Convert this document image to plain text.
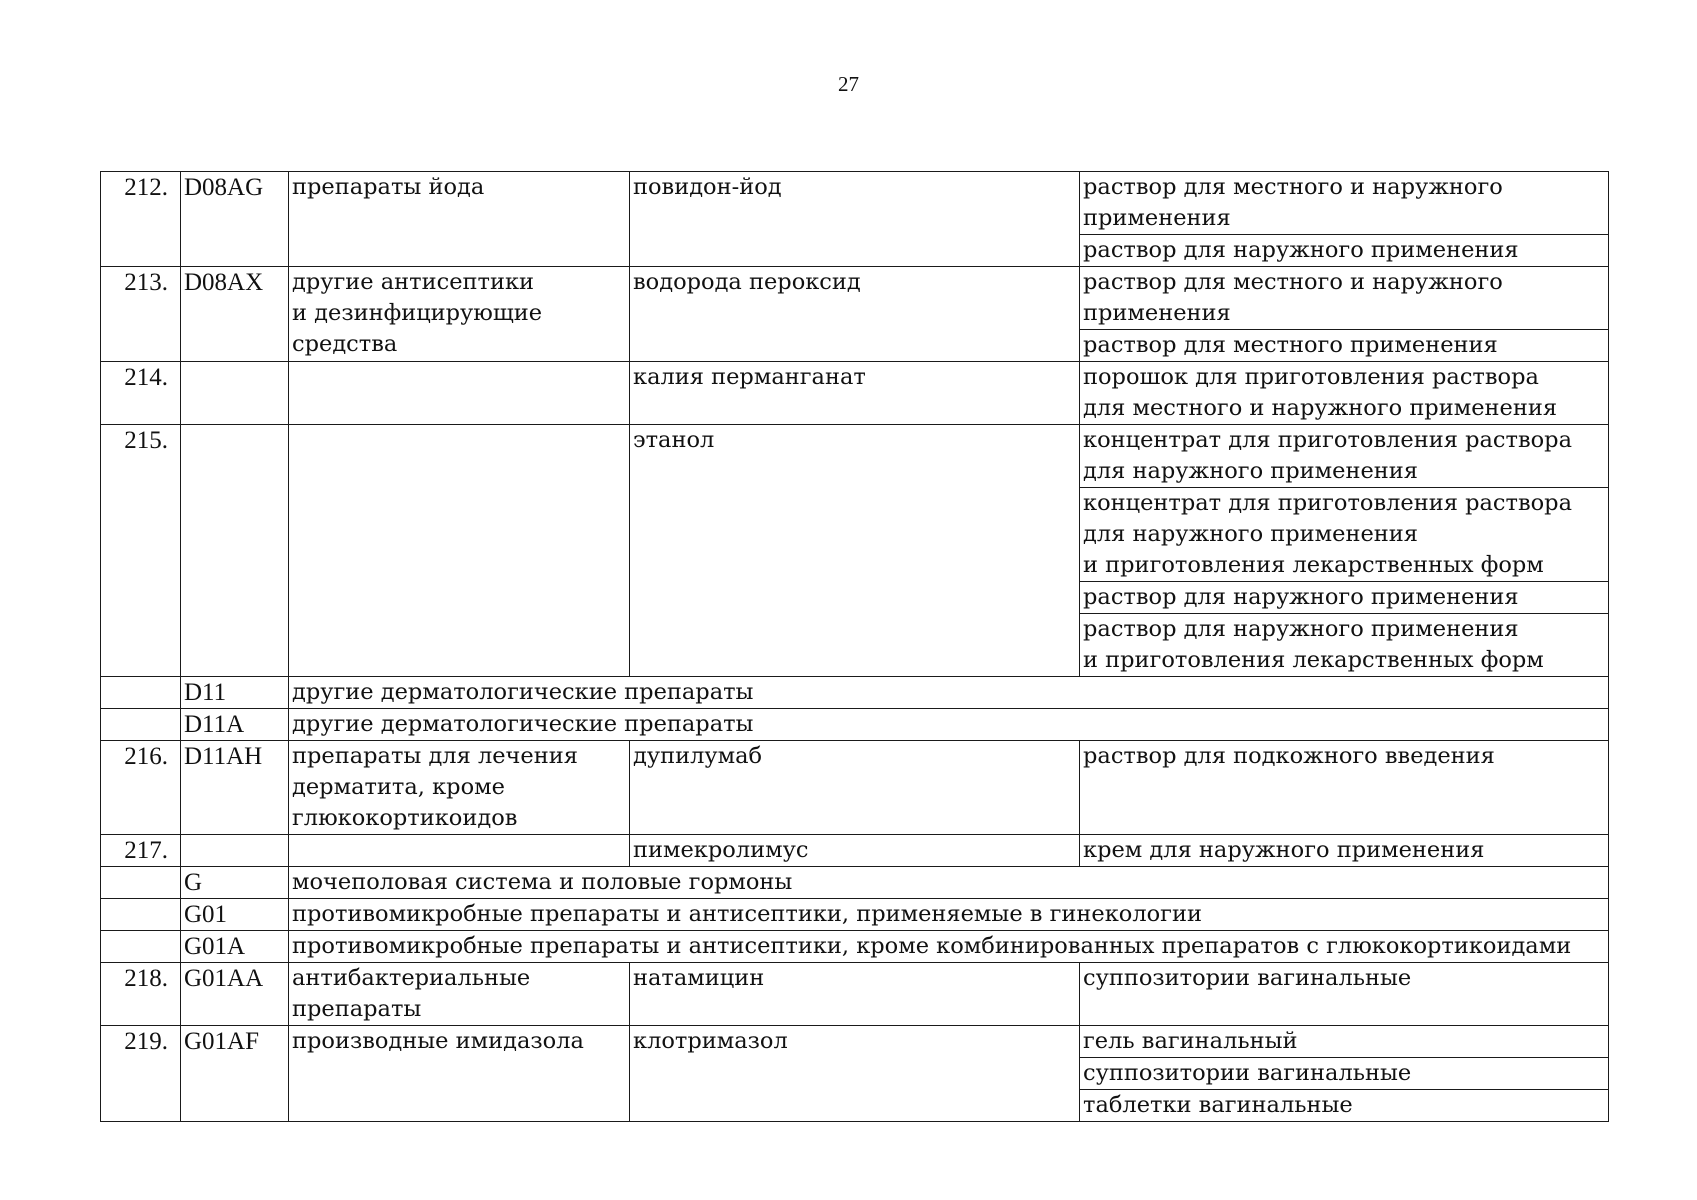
27
212.	D08AG	препараты йода	повидон-йод	раствор для местного и наружного
применения
				раствор для наружного применения
213.	D08AX	другие антисептики
и дезинфицирующие
средства	водорода пероксид	раствор для местного и наружного
применения
				раствор для местного применения
214.			калия перманганат	порошок для приготовления раствора
для местного и наружного применения
215.			этанол	концентрат для приготовления раствора
для наружного применения
				концентрат для приготовления раствора
для наружного применения
и приготовления лекарственных форм
				раствор для наружного применения
				раствор для наружного применения
и приготовления лекарственных форм
	D11	другие дерматологические препараты		
	D11A	другие дерматологические препараты		
216.	D11AH	препараты для лечения
дерматита, кроме
глюкокортикоидов	дупилумаб	раствор для подкожного введения
217.			пимекролимус	крем для наружного применения
	G	мочеполовая система и половые гормоны		
	G01	противомикробные препараты и антисептики, применяемые в гинекологии		
	G01A	противомикробные препараты и антисептики, кроме комбинированных препаратов с глюкокортикоидами		
218.	G01AA	антибактериальные
препараты	натамицин	суппозитории вагинальные

219.	G01AF	производные имидазола	клотримазол	гель вагинальный
				суппозитории вагинальные
				таблетки вагинальные
